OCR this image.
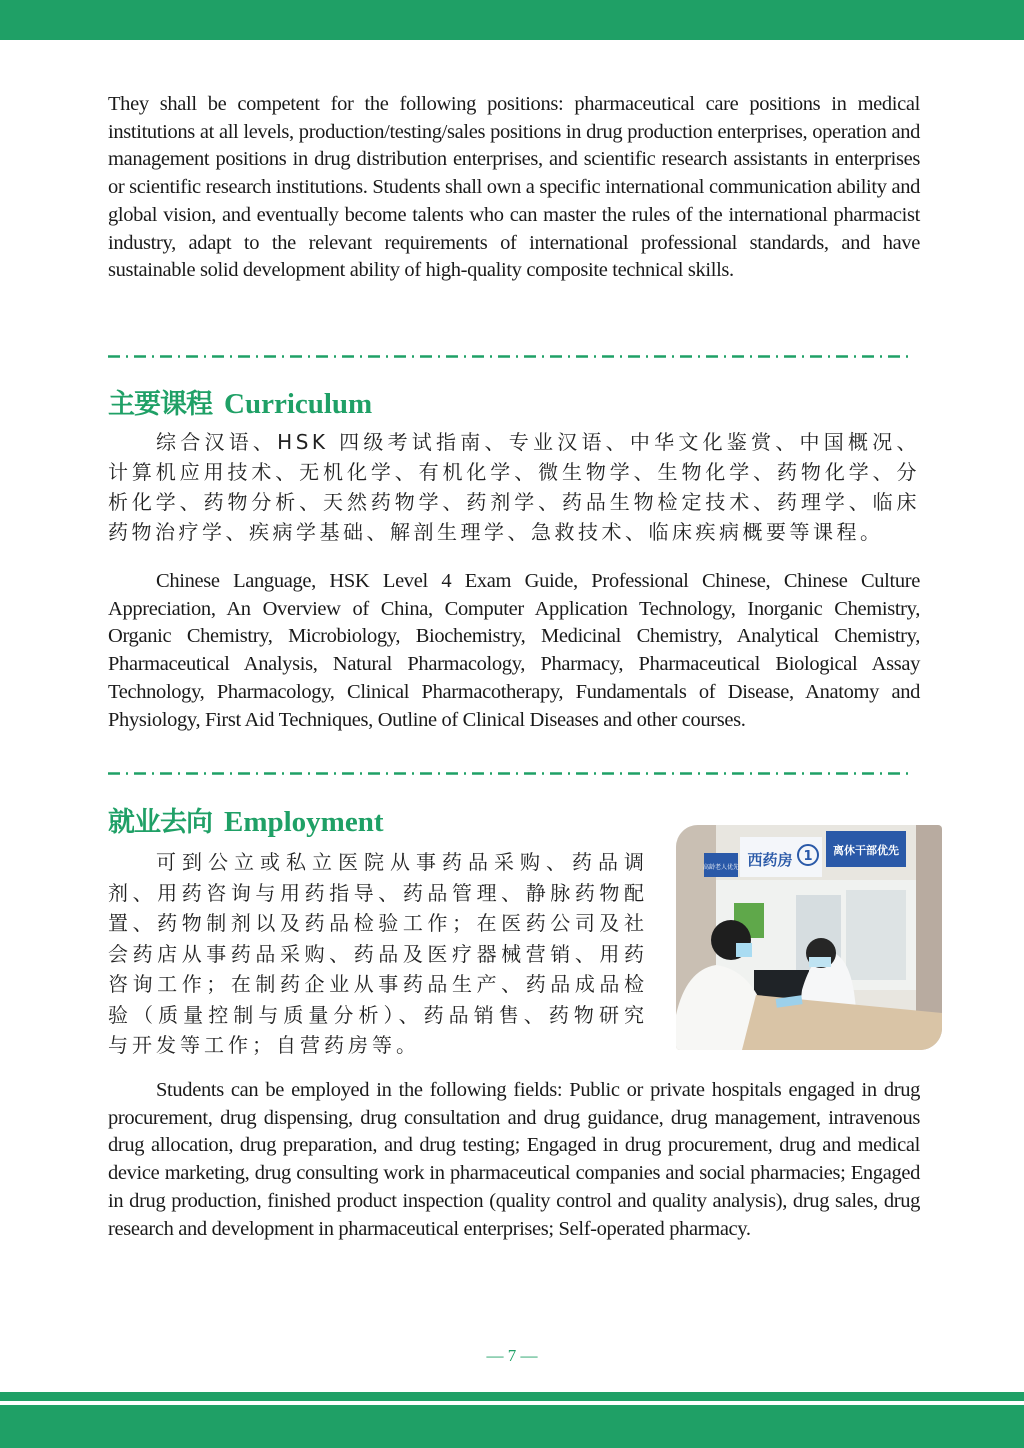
They shall be competent for the following positions: pharmaceutical care positions in medical institutions at all levels, production/testing/sales positions in drug production enterprises, operation and management positions in drug distribution enterprises, and scientific research assistants in enterprises or scientific research institutions. Students shall own a specific international communication ability and global vision, and eventually become talents who can master the rules of the international pharmacist industry, adapt to the relevant requirements of international professional standards, and have sustainable solid development ability of high-quality composite technical skills.

主要课程 Curriculum

综合汉语、HSK 四级考试指南、专业汉语、中华文化鉴赏、中国概况、计算机应用技术、无机化学、有机化学、微生物学、生物化学、药物化学、分析化学、药物分析、天然药物学、药剂学、药品生物检定技术、药理学、临床药物治疗学、疾病学基础、解剖生理学、急救技术、临床疾病概要等课程。

Chinese Language, HSK Level 4 Exam Guide, Professional Chinese, Chinese Culture Appreciation, An Overview of China, Computer Application Technology, Inorganic Chemistry, Organic Chemistry, Microbiology, Biochemistry, Medicinal Chemistry, Analytical Chemistry, Pharmaceutical Analysis, Natural Pharmacology, Pharmacy, Pharmaceutical Biological Assay Technology, Pharmacology, Clinical Pharmacotherapy, Fundamentals of Disease, Anatomy and Physiology, First Aid Techniques, Outline of Clinical Diseases and other courses.

就业去向 Employment

可到公立或私立医院从事药品采购、药品调剂、用药咨询与用药指导、药品管理、静脉药物配置、药物制剂以及药品检验工作；在医药公司及社会药店从事药品采购、药品及医疗器械营销、用药咨询工作；在制药企业从事药品生产、药品成品检验（质量控制与质量分析）、药品销售、药物研究与开发等工作；自营药房等。

高龄老人优先 西药房 1 离休干部优先

Students can be employed in the following fields: Public or private hospitals engaged in drug procurement, drug dispensing, drug consultation and drug guidance, drug management, intravenous drug allocation, drug preparation, and drug testing; Engaged in drug procurement, drug and medical device marketing, drug consulting work in pharmaceutical companies and social pharmacies; Engaged in drug production, finished product inspection (quality control and quality analysis), drug sales, drug research and development in pharmaceutical enterprises; Self-operated pharmacy.

— 7 —
